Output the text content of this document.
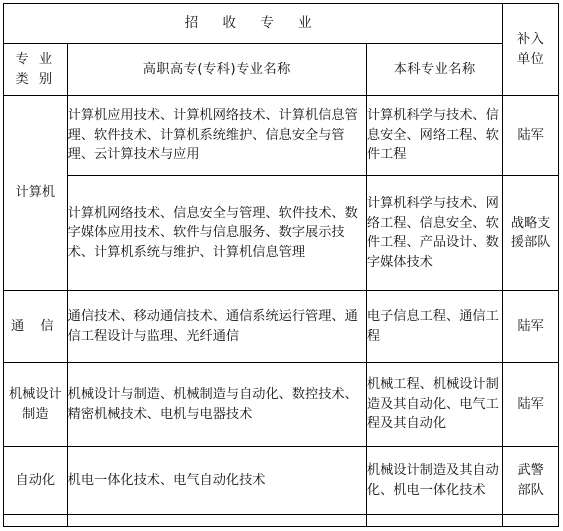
招 收 专 业			补入单位
专 业 类 别	高职高专(专科)专业名称	本科专业名称	
计算机	计算机应用技术、计算机网络技术、计算机信息管理、软件技术、计算机系统维护、信息安全与管理、云计算技术与应用	计算机科学与技术、信息安全、网络工程、软件工程	陆军
	计算机网络技术、信息安全与管理、软件技术、数字媒体应用技术、软件与信息服务、数字展示技术、计算机系统与维护、计算机信息管理	计算机科学与技术、网络工程、信息安全、软件工程、产品设计、数字媒体技术	战略支援部队
通 信	通信技术、移动通信技术、通信系统运行管理、通信工程设计与监理、光纤通信	电子信息工程、通信工程	陆军
机械设计制造	机械设计与制造、机械制造与自动化、数控技术、精密机械技术、电机与电器技术	机械工程、机械设计制造及其自动化、电气工程及其自动化	陆军
自动化	机电一体化技术、电气自动化技术	机械设计制造及其自动化、机电一体化技术	武警部队
